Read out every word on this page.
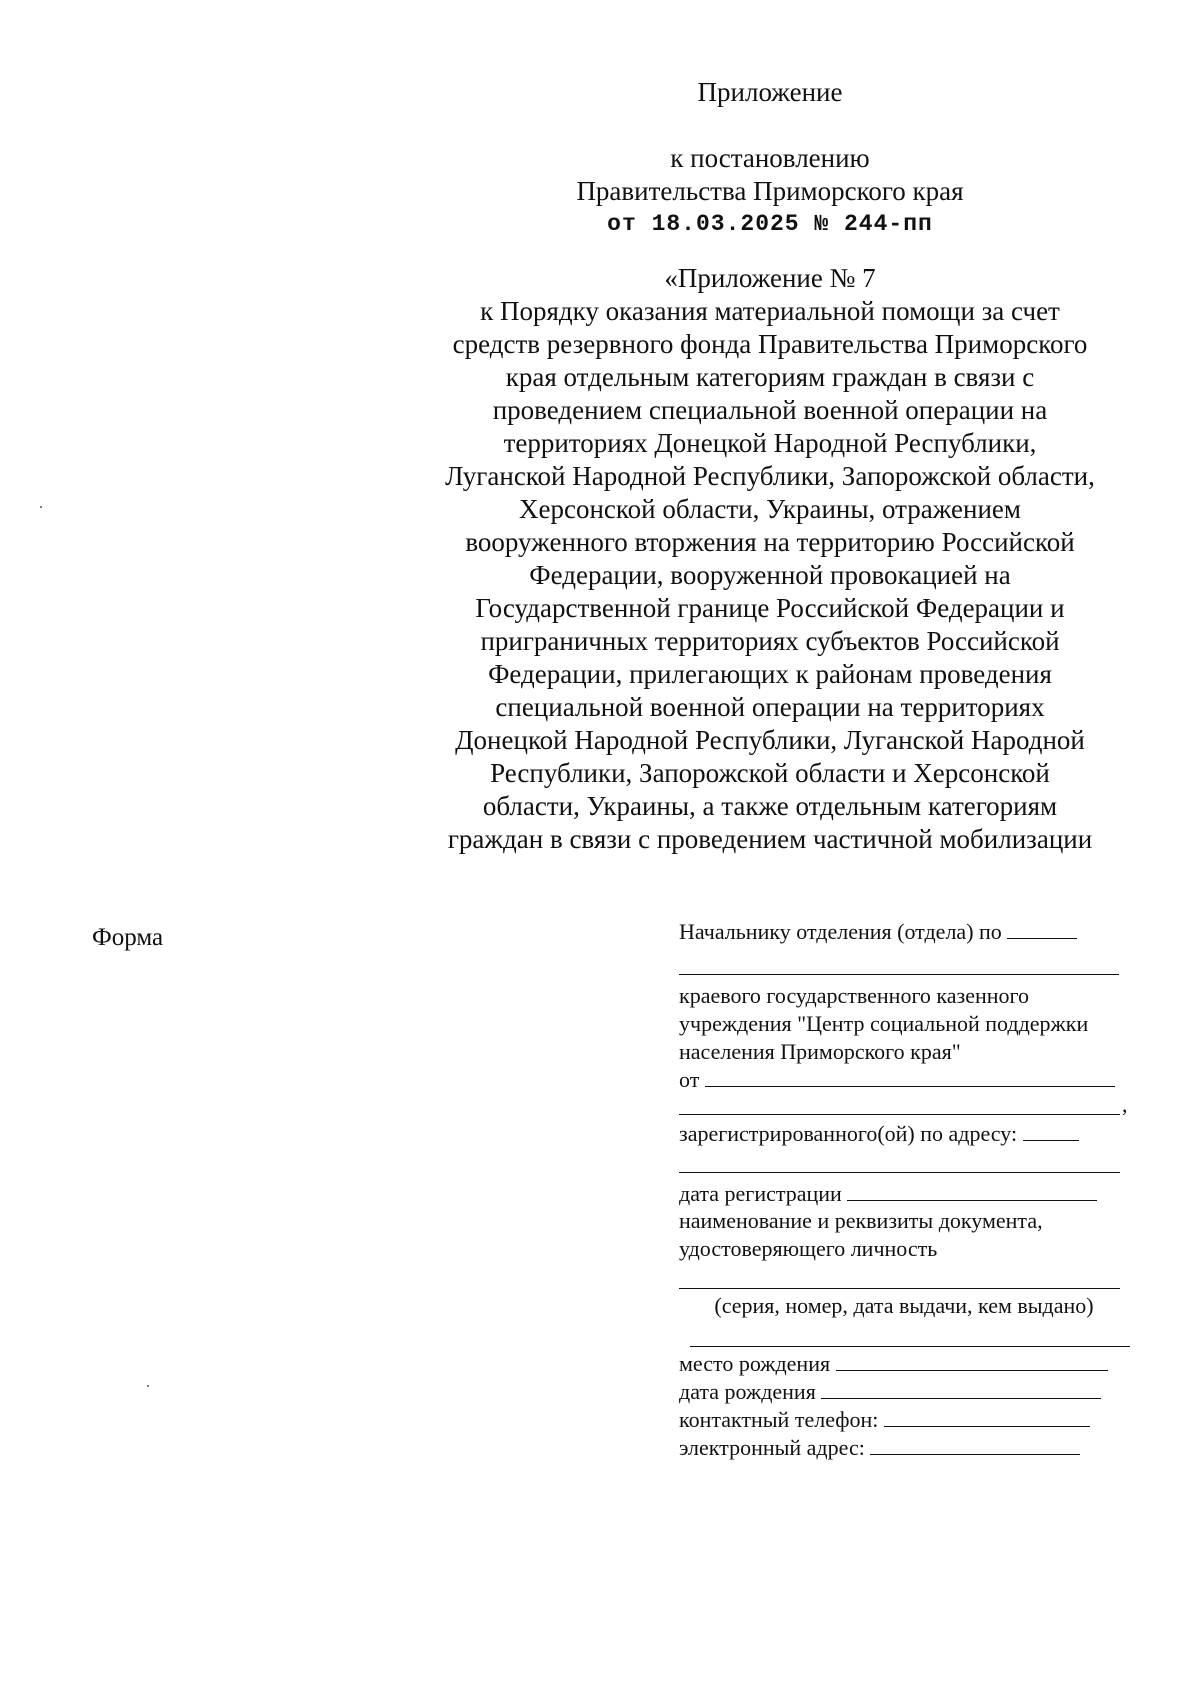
Приложение
к постановлению
Правительства Приморского края
от 18.03.2025 № 244-пп
«Приложение № 7
к Порядку оказания материальной помощи за счет
средств резервного фонда Правительства Приморского
края отдельным категориям граждан в связи с
проведением специальной военной операции на
территориях Донецкой Народной Республики,
Луганской Народной Республики, Запорожской области,
Херсонской области, Украины, отражением
вооруженного вторжения на территорию Российской
Федерации, вооруженной провокацией на
Государственной границе Российской Федерации и
приграничных территориях субъектов Российской
Федерации, прилегающих к районам проведения
специальной военной операции на территориях
Донецкой Народной Республики, Луганской Народной
Республики, Запорожской области и Херсонской
области, Украины, а также отдельным категориям
граждан в связи с проведением частичной мобилизации
Форма	Начальнику отделения (отдела) по
краевого государственного казенного
учреждения "Центр социальной поддержки
населения Приморского края"
от
,
зарегистрированного(ой) по адресу:
дата регистрации
наименование и реквизиты документа,
удостоверяющего личность
(серия, номер, дата выдачи, кем выдано)
место рождения
дата рождения
контактный телефон:
электронный адрес:
